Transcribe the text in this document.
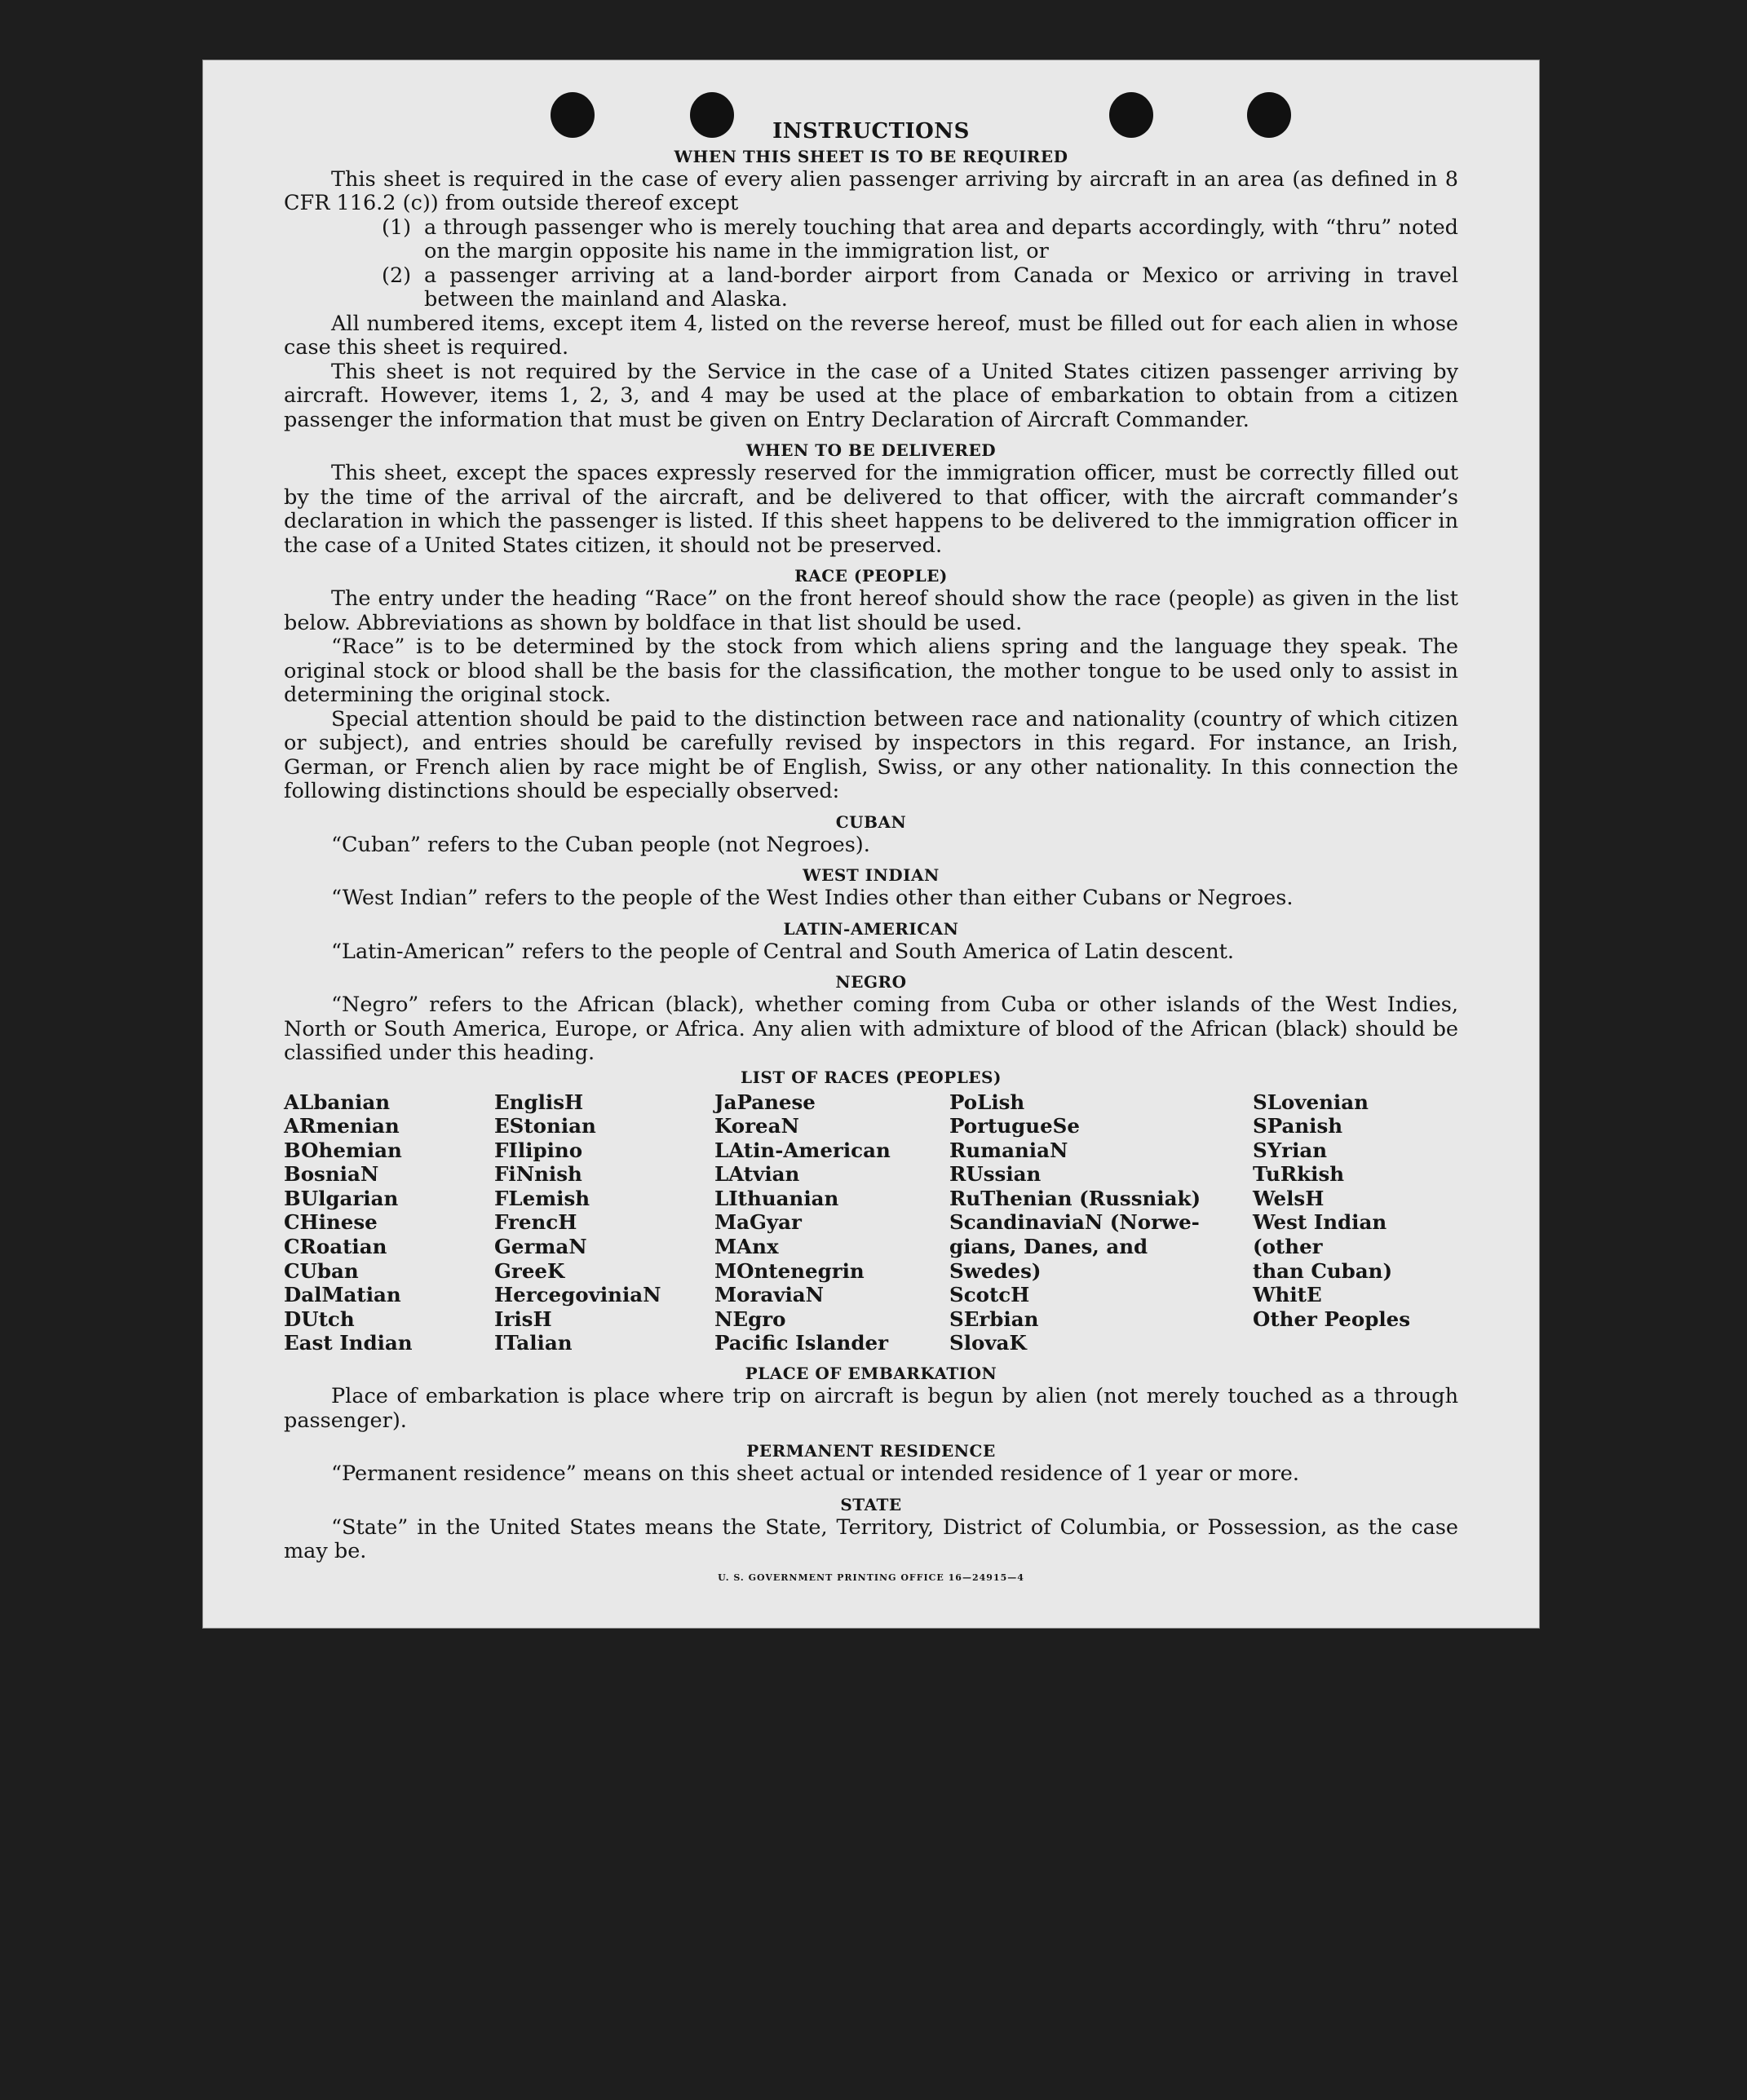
INSTRUCTIONS
WHEN THIS SHEET IS TO BE REQUIRED

This sheet is required in the case of every alien passenger arriving by aircraft in an area (as defined in 8 CFR 116.2 (c)) from outside thereof except

(1) a through passenger who is merely touching that area and departs accordingly, with “thru” noted on the margin opposite his name in the immigration list, or
(2) a passenger arriving at a land-border airport from Canada or Mexico or arriving in travel between the mainland and Alaska.

All numbered items, except item 4, listed on the reverse hereof, must be filled out for each alien in whose case this sheet is required.

This sheet is not required by the Service in the case of a United States citizen passenger arriving by aircraft. However, items 1, 2, 3, and 4 may be used at the place of embarkation to obtain from a citizen passenger the information that must be given on Entry Declaration of Aircraft Commander.

WHEN TO BE DELIVERED

This sheet, except the spaces expressly reserved for the immigration officer, must be correctly filled out by the time of the arrival of the aircraft, and be delivered to that officer, with the aircraft commander’s declaration in which the passenger is listed. If this sheet happens to be delivered to the immigration officer in the case of a United States citizen, it should not be preserved.

RACE (PEOPLE)

The entry under the heading “Race” on the front hereof should show the race (people) as given in the list below. Abbreviations as shown by boldface in that list should be used.

“Race” is to be determined by the stock from which aliens spring and the language they speak. The original stock or blood shall be the basis for the classification, the mother tongue to be used only to assist in determining the original stock.

Special attention should be paid to the distinction between race and nationality (country of which citizen or subject), and entries should be carefully revised by inspectors in this regard. For instance, an Irish, German, or French alien by race might be of English, Swiss, or any other nationality. In this connection the following distinctions should be especially observed:

CUBAN

“Cuban” refers to the Cuban people (not Negroes).

WEST INDIAN

“West Indian” refers to the people of the West Indies other than either Cubans or Negroes.

LATIN-AMERICAN

“Latin-American” refers to the people of Central and South America of Latin descent.

NEGRO

“Negro” refers to the African (black), whether coming from Cuba or other islands of the West Indies, North or South America, Europe, or Africa. Any alien with admixture of blood of the African (black) should be classified under this heading.

LIST OF RACES (PEOPLES)
ALbanian
ARmenian
BOhemian
BosniaN
BUlgarian
CHinese
CRoatian
CUban
DalMatian
DUtch
East Indian
EnglisH
EStonian
FIlipino
FiNnish
FLemish
FrencH
GermaN
GreeK
HercegoviniaN
IrisH
ITalian
JaPanese
KoreaN
LAtin-American
LAtvian
LIthuanian
MaGyar
MAnx
MOntenegrin
MoraviaN
NEgro
Pacific Islander
PoLish
PortugueSe
RumaniaN
RUssian
RuThenian (Russniak)
ScandinaviaN (Norwe-
gians, Danes, and
Swedes)
ScotcH
SErbian
SlovaK
SLovenian
SPanish
SYrian
TuRkish
WelsH
West Indian (other
than Cuban)
WhitE
Other Peoples
PLACE OF EMBARKATION

Place of embarkation is place where trip on aircraft is begun by alien (not merely touched as a through passenger).

PERMANENT RESIDENCE

“Permanent residence” means on this sheet actual or intended residence of 1 year or more.

STATE

“State” in the United States means the State, Territory, District of Columbia, or Possession, as the case may be.

U. S. GOVERNMENT PRINTING OFFICE 16—24915—4
